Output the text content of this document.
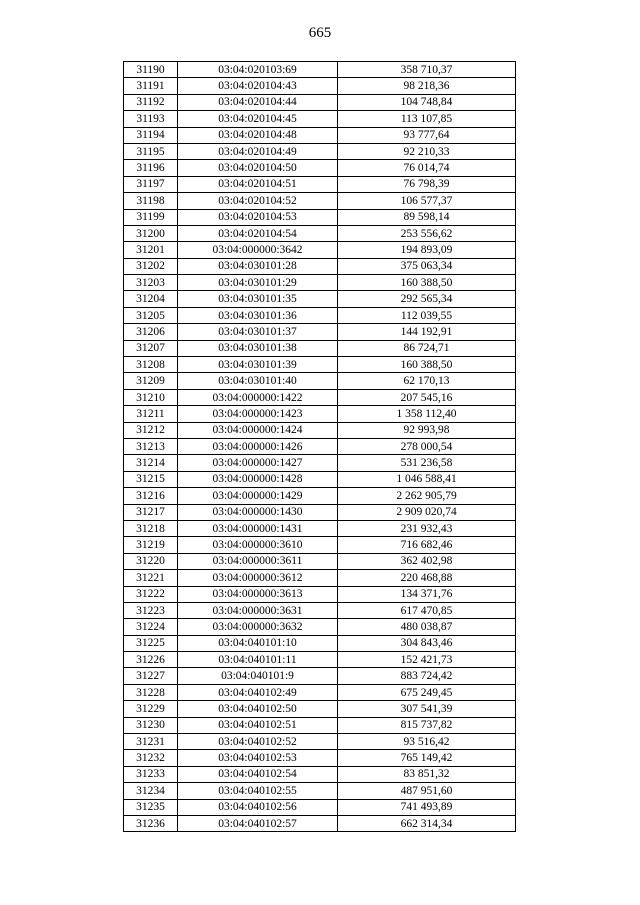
665
31190	03:04:020103:69	358 710,37
31191	03:04:020104:43	98 218,36
31192	03:04:020104:44	104 748,84
31193	03:04:020104:45	113 107,85
31194	03:04:020104:48	93 777,64
31195	03:04:020104:49	92 210,33
31196	03:04:020104:50	76 014,74
31197	03:04:020104:51	76 798,39
31198	03:04:020104:52	106 577,37
31199	03:04:020104:53	89 598,14
31200	03:04:020104:54	253 556,62
31201	03:04:000000:3642	194 893,09
31202	03:04:030101:28	375 063,34
31203	03:04:030101:29	160 388,50
31204	03:04:030101:35	292 565,34
31205	03:04:030101:36	112 039,55
31206	03:04:030101:37	144 192,91
31207	03:04:030101:38	86 724,71
31208	03:04:030101:39	160 388,50
31209	03:04:030101:40	62 170,13
31210	03:04:000000:1422	207 545,16
31211	03:04:000000:1423	1 358 112,40
31212	03:04:000000:1424	92 993,98
31213	03:04:000000:1426	278 000,54
31214	03:04:000000:1427	531 236,58
31215	03:04:000000:1428	1 046 588,41
31216	03:04:000000:1429	2 262 905,79
31217	03:04:000000:1430	2 909 020,74
31218	03:04:000000:1431	231 932,43
31219	03:04:000000:3610	716 682,46
31220	03:04:000000:3611	362 402,98
31221	03:04:000000:3612	220 468,88
31222	03:04:000000:3613	134 371,76
31223	03:04:000000:3631	617 470,85
31224	03:04:000000:3632	480 038,87
31225	03:04:040101:10	304 843,46
31226	03:04:040101:11	152 421,73
31227	03:04:040101:9	883 724,42
31228	03:04:040102:49	675 249,45
31229	03:04:040102:50	307 541,39
31230	03:04:040102:51	815 737,82
31231	03:04:040102:52	93 516,42
31232	03:04:040102:53	765 149,42
31233	03:04:040102:54	83 851,32
31234	03:04:040102:55	487 951,60
31235	03:04:040102:56	741 493,89
31236	03:04:040102:57	662 314,34
